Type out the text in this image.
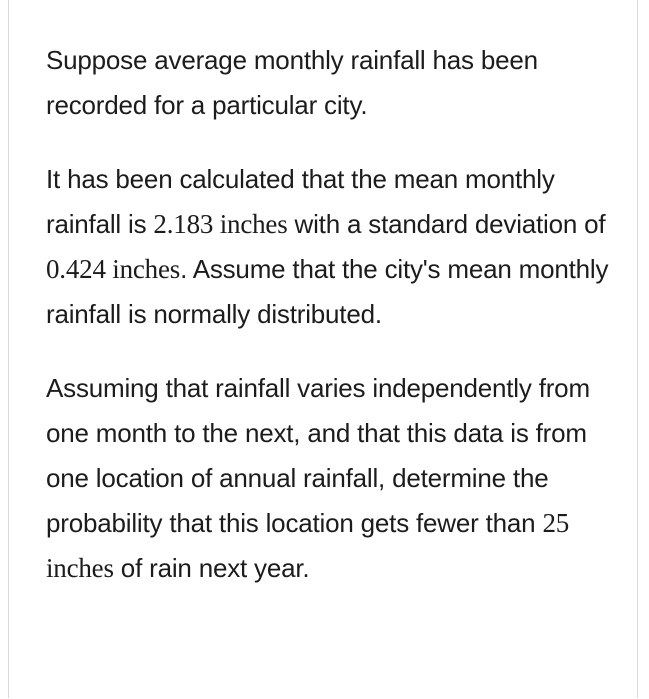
Suppose average monthly rainfall has been recorded for a particular city.

It has been calculated that the mean monthly rainfall is 2.183 inches with a standard deviation of 0.424 inches. Assume that the city's mean monthly rainfall is normally distributed.

Assuming that rainfall varies independently from one month to the next, and that this data is from one location of annual rainfall, determine the probability that this location gets fewer than 25 inches of rain next year.
